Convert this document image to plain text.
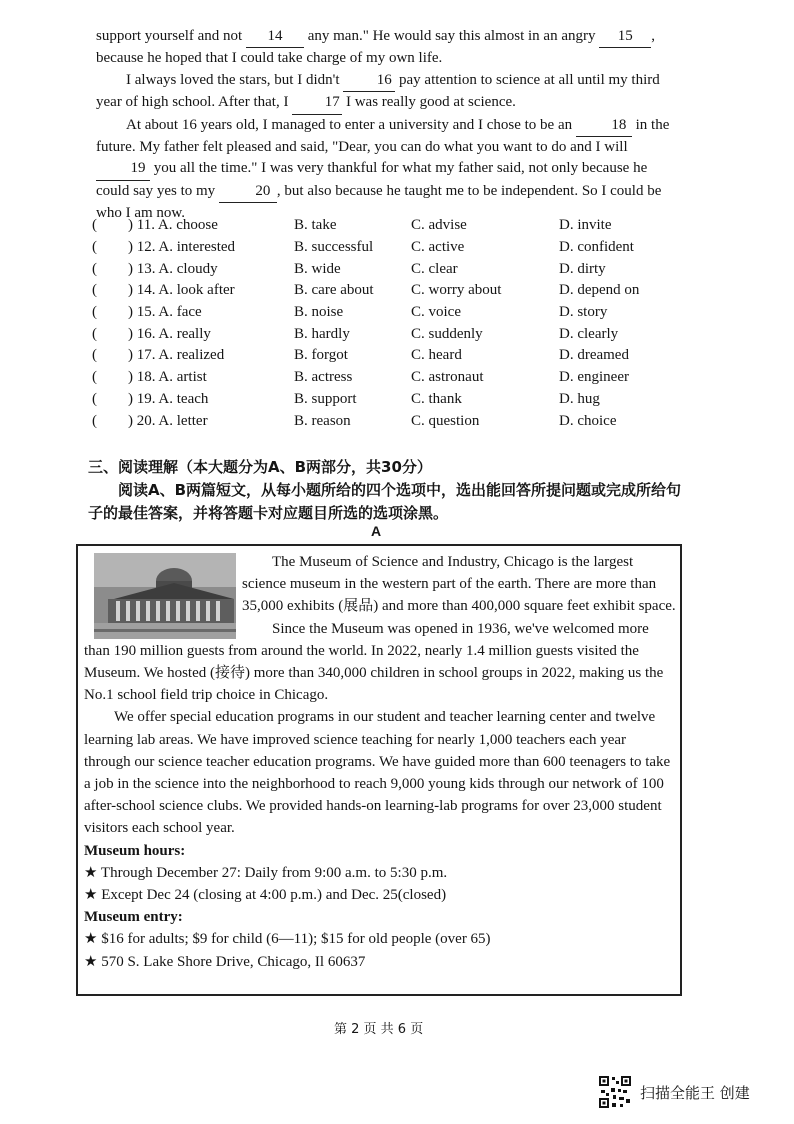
support yourself and not 14 any man." He would say this almost in an angry 15 , because he hoped that I could take charge of my own life.

I always loved the stars, but I didn't 16 pay attention to science at all until my third year of high school. After that, I 17 I was really good at science.

At about 16 years old, I managed to enter a university and I chose to be an	18 in the future. My father felt pleased and said, "Dear, you can do what you want to do and I will 19 you all the time." I was very thankful for what my father said, not only because he could say yes to my	20 , but also because he taught me to be independent. So I could be who I am now.

(	) 11. A. choose	B. take	C. advise	D. invite
(	) 12. A. interested	B. successful	C. active	D. confident
(	) 13. A. cloudy	B. wide	C. clear	D. dirty
(	) 14. A. look after	B. care about	C. worry about	D. depend on
(	) 15. A. face	B. noise	C. voice	D. story
(	) 16. A. really	B. hardly	C. suddenly	D. clearly
(	) 17. A. realized	B. forgot	C. heard	D. dreamed
(	) 18. A. artist	B. actress	C. astronaut	D. engineer
(	) 19. A. teach	B. support	C. thank	D. hug
(	) 20. A. letter	B. reason	C. question	D. choice
三、阅读理解（本大题分为A、B两部分，共30分）
阅读A、B两篇短文，从每小题所给的四个选项中，选出能回答所提问题或完成所给句子的最佳答案，并将答题卡对应题目所选的选项涂黑。
A

The Museum of Science and Industry, Chicago is the largest science museum in the western part of the earth. There are more than 35,000 exhibits (展品) and more than 400,000 square feet exhibit space.

Since the Museum was opened in 1936, we've welcomed more than 190 million guests from around the world. In 2022, nearly 1.4 million guests visited the Museum. We hosted (接待) more than 340,000 children in school groups in 2022, making us the No.1 school field trip choice in Chicago.

We offer special education programs in our student and teacher learning center and twelve learning lab areas. We have improved science teaching for nearly 1,000 teachers each year through our science teacher education programs. We have guided more than 600 teenagers to take a job in the science into the neighborhood to reach 9,000 young kids through our network of 100 after-school science clubs. We provided hands-on learning-lab programs for over 23,000 student visitors each school year.

Museum hours:

★ Through December 27: Daily from 9:00 a.m. to 5:30 p.m.

★ Except Dec 24 (closing at 4:00 p.m.) and Dec. 25(closed)

Museum entry:

★ $16 for adults; $9 for child (6—11); $15 for old people (over 65)

★ 570 S. Lake Shore Drive, Chicago, Il 60637

第 2 页 共 6 页
扫描全能王 创建
